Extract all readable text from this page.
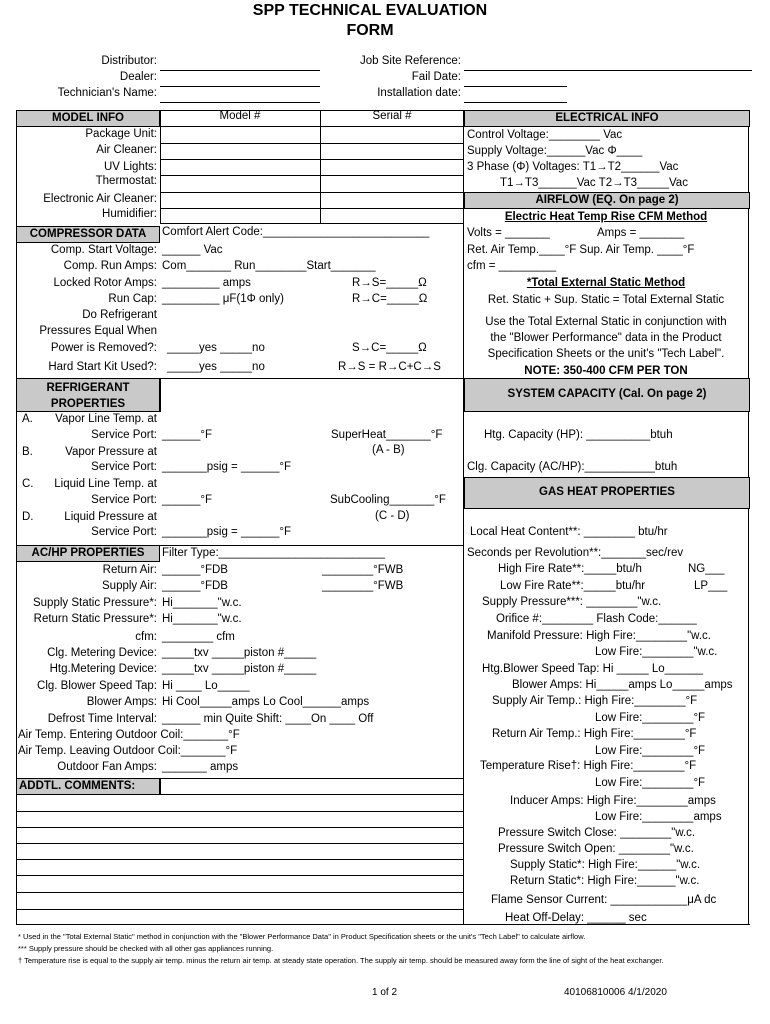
SPP TECHNICAL EVALUATION
FORM
Distributor:
Dealer:
Technician's Name:
Job Site Reference:
Fail Date:
Installation date:
MODEL INFO	Model #	Serial #
Package Unit:
Air Cleaner:
UV Lights:
Thermostat:
Electronic Air Cleaner:
Humidifier:
ELECTRICAL INFO
Control Voltage:________ Vac
Supply Voltage:______Vac Φ____
3 Phase (Φ) Voltages: T1→T2______Vac
T1→T3______Vac T2→T3_____Vac
AIRFLOW (EQ. On page 2)
Electric Heat Temp Rise CFM Method
Volts = _______	Amps = _______
Ret. Air Temp.____°F Sup. Air Temp. ____°F
cfm = _________
*Total External Static Method
Ret. Static + Sup. Static = Total External Static
Use the Total External Static in conjunction with
the "Blower Performance" data in the Product
Specification Sheets or the unit's "Tech Label".
NOTE: 350-400 CFM PER TON
COMPRESSOR DATA	Comfort Alert Code:__________________________
Comp. Start Voltage: ______ Vac
Comp. Run Amps: Com_______ Run________Start_______
Locked Rotor Amps: _________ amps	R→S=_____Ω
Run Cap: _________ μF(1Φ only)	R→C=_____Ω
Do Refrigerant
Pressures Equal When
Power is Removed?: _____yes _____no	S→C=_____Ω
Hard Start Kit Used?: _____yes _____no	R→S = R→C+C→S
REFRIGERANT PROPERTIES
A.	Vapor Line Temp. at
Service Port: ______°F
B.	Vapor Pressure at
Service Port: _______psig = ______°F
C.	Liquid Line Temp. at
Service Port: ______°F
D.	Liquid Pressure at
Service Port: _______psig = ______°F
SuperHeat_______°F
(A - B)
SubCooling_______°F
(C - D)
SYSTEM CAPACITY (Cal. On page 2)
Htg. Capacity (HP): __________btuh
Clg. Capacity (AC/HP):___________btuh
GAS HEAT PROPERTIES
Local Heat Content**: ________ btu/hr
Seconds per Revolution**:_______sec/rev
High Fire Rate**:_____btu/h	NG___
Low Fire Rate**:_____btu/hr	LP___
Supply Pressure***: ________"w.c.
Orifice #:________ Flash Code:______
Manifold Pressure: High Fire:________"w.c.
Low Fire:________"w.c.
Htg.Blower Speed Tap: Hi _____ Lo______
Blower Amps: Hi_____amps Lo_____amps
Supply Air Temp.: High Fire:________°F
Low Fire:________°F
Return Air Temp.: High Fire:________°F
Low Fire:________°F
Temperature Rise†: High Fire:________°F
Low Fire:________°F
Inducer Amps: High Fire:________amps
Low Fire:________amps
Pressure Switch Close: ________"w.c.
Pressure Switch Open: ________"w.c.
Supply Static*: High Fire:______"w.c.
Return Static*: High Fire:______"w.c.
Flame Sensor Current: ____________μA dc
Heat Off-Delay: ______ sec
AC/HP PROPERTIES	Filter Type:__________________________
Return Air: ______°FDB	________°FWB
Supply Air: ______°FDB	________°FWB
Supply Static Pressure*: Hi_______"w.c.
Return Static Pressure*: Hi_______"w.c.
cfm: ________ cfm
Clg. Metering Device: _____txv _____piston #_____
Htg.Metering Device: _____txv _____piston #_____
Clg. Blower Speed Tap: Hi ____ Lo_____
Blower Amps: Hi Cool_____amps Lo Cool______amps
Defrost Time Interval: ______ min Quite Shift: ____On ____ Off
Air Temp. Entering Outdoor Coil:_______°F
Air Temp. Leaving Outdoor Coil:_______°F
Outdoor Fan Amps: _______ amps
ADDTL. COMMENTS:
* Used in the "Total External Static" method in conjunction with the "Blower Performance Data" in Product Specification sheets or the unit's "Tech Label" to calculate airflow.
*** Supply pressure should be checked with all other gas appliances running.
† Temperature rise is equal to the supply air temp. minus the return air temp. at steady state operation. The supply air temp. should be measured away form the line of sight of the heat exchanger.
1 of 2	40106810006 4/1/2020
